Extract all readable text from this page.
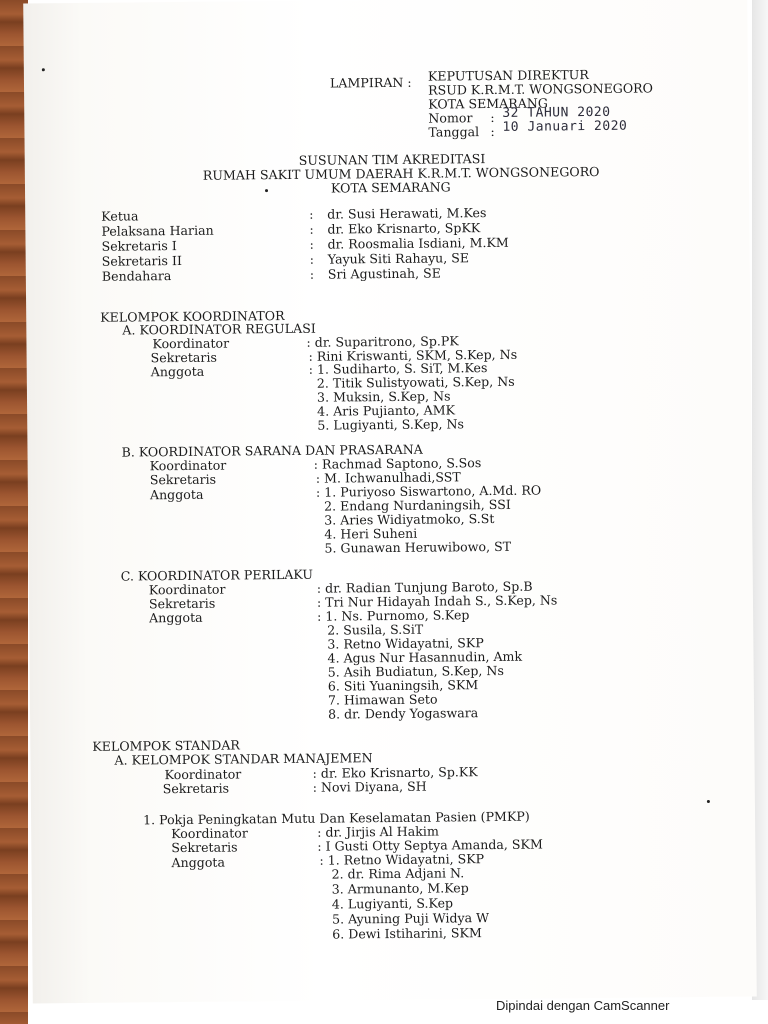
LAMPIRAN : KEPUTUSAN DIREKTUR
RSUD K.R.M.T. WONGSONEGORO
KOTA SEMARANG
Nomor : 32 TAHUN 2020
Tanggal : 10 Januari 2020
SUSUNAN TIM AKREDITASI
RUMAH SAKIT UMUM DAERAH K.R.M.T. WONGSONEGORO
KOTA SEMARANG
Ketua	: dr. Susi Herawati, M.Kes
Pelaksana Harian	: dr. Eko Krisnarto, SpKK
Sekretaris I	: dr. Roosmalia Isdiani, M.KM
Sekretaris II	: Yayuk Siti Rahayu, SE
Bendahara	: Sri Agustinah, SE
KELOMPOK KOORDINATOR
A. KOORDINATOR REGULASI
Koordinator	: dr. Suparitrono, Sp.PK
Sekretaris	: Rini Kriswanti, SKM, S.Kep, Ns
Anggota	: 1. Sudiharto, S. SiT, M.Kes
2. Titik Sulistyowati, S.Kep, Ns
3. Muksin, S.Kep, Ns
4. Aris Pujianto, AMK
5. Lugiyanti, S.Kep, Ns
B. KOORDINATOR SARANA DAN PRASARANA
Koordinator	: Rachmad Saptono, S.Sos
Sekretaris	: M. Ichwanulhadi,SST
Anggota	: 1. Puriyoso Siswartono, A.Md. RO
2. Endang Nurdaningsih, SSI
3. Aries Widiyatmoko, S.St
4. Heri Suheni
5. Gunawan Heruwibowo, ST
C. KOORDINATOR PERILAKU
Koordinator	: dr. Radian Tunjung Baroto, Sp.B
Sekretaris	: Tri Nur Hidayah Indah S., S.Kep, Ns
Anggota	: 1. Ns. Purnomo, S.Kep
2. Susila, S.SiT
3. Retno Widayatni, SKP
4. Agus Nur Hasannudin, Amk
5. Asih Budiatun, S.Kep, Ns
6. Siti Yuaningsih, SKM
7. Himawan Seto
8. dr. Dendy Yogaswara
KELOMPOK STANDAR
A. KELOMPOK STANDAR MANAJEMEN
Koordinator	: dr. Eko Krisnarto, Sp.KK
Sekretaris	: Novi Diyana, SH
1. Pokja Peningkatan Mutu Dan Keselamatan Pasien (PMKP)
Koordinator	: dr. Jirjis Al Hakim
Sekretaris	: I Gusti Otty Septya Amanda, SKM
Anggota	: 1. Retno Widayatni, SKP
2. dr. Rima Adjani N.
3. Armunanto, M.Kep
4. Lugiyanti, S.Kep
5. Ayuning Puji Widya W
6. Dewi Istiharini, SKM
Dipindai dengan CamScanner
